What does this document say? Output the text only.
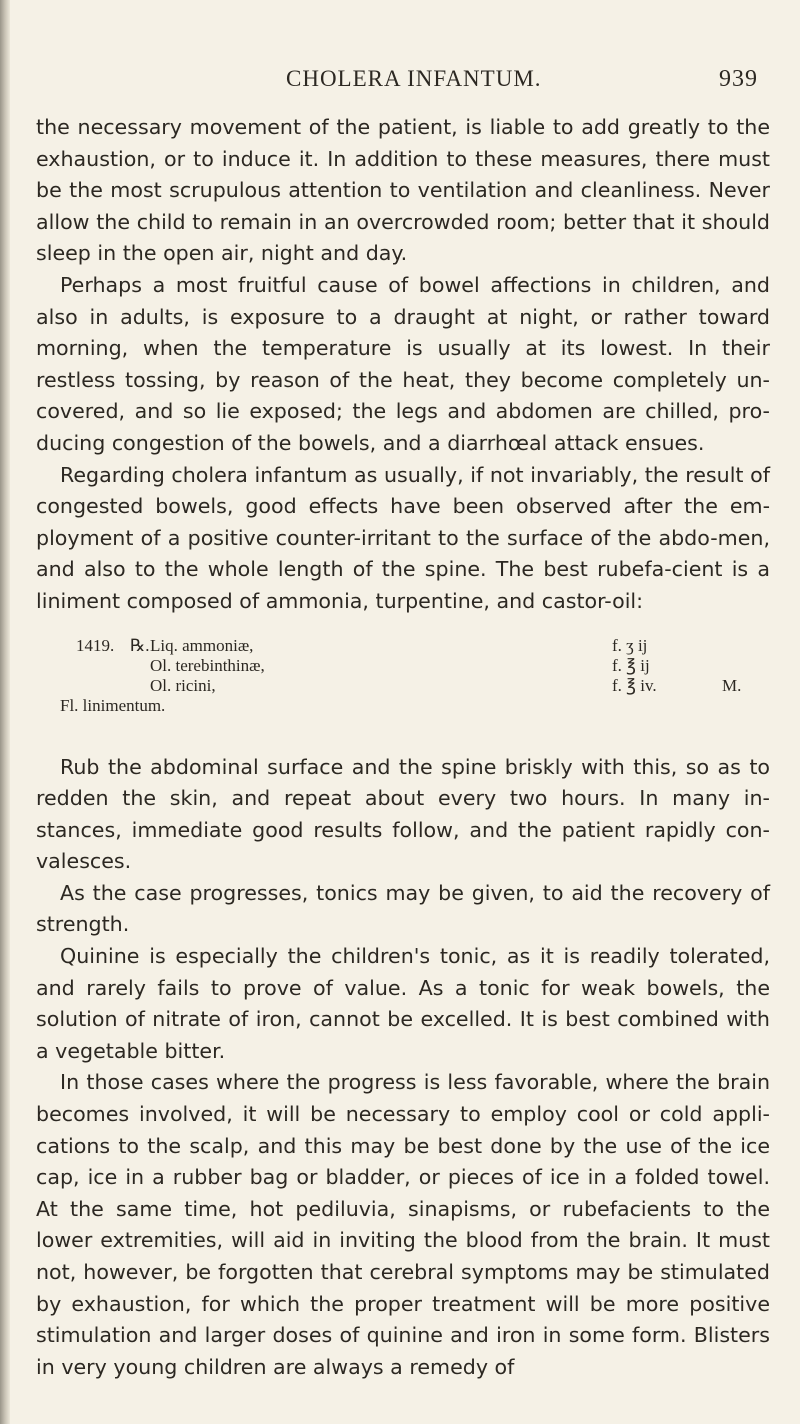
CHOLERA INFANTUM.	939

the necessary movement of the patient, is liable to add greatly to the exhaustion, or to induce it. In addition to these measures, there must be the most scrupulous attention to ventilation and cleanliness. Never allow the child to remain in an overcrowded room; better that it should sleep in the open air, night and day.

Perhaps a most fruitful cause of bowel affections in children, and also in adults, is exposure to a draught at night, or rather toward morning, when the temperature is usually at its lowest. In their restless tossing, by reason of the heat, they become completely un-covered, and so lie exposed; the legs and abdomen are chilled, pro-ducing congestion of the bowels, and a diarrhœal attack ensues.

Regarding cholera infantum as usually, if not invariably, the result of congested bowels, good effects have been observed after the em-ployment of a positive counter-irritant to the surface of the abdo-men, and also to the whole length of the spine. The best rubefa-cient is a liniment composed of ammonia, turpentine, and castor-oil:

1419. ℞. Liq. ammoniæ,	f. ʒ ij
Ol. terebinthinæ,	f. ℥ ij
Ol. ricini,	f. ℥ iv.	M.
Fl. linimentum.

Rub the abdominal surface and the spine briskly with this, so as to redden the skin, and repeat about every two hours. In many in-stances, immediate good results follow, and the patient rapidly con-valesces.

As the case progresses, tonics may be given, to aid the recovery of strength.

Quinine is especially the children's tonic, as it is readily tolerated, and rarely fails to prove of value. As a tonic for weak bowels, the solution of nitrate of iron, cannot be excelled. It is best combined with a vegetable bitter.

In those cases where the progress is less favorable, where the brain becomes involved, it will be necessary to employ cool or cold appli-cations to the scalp, and this may be best done by the use of the ice cap, ice in a rubber bag or bladder, or pieces of ice in a folded towel. At the same time, hot pediluvia, sinapisms, or rubefacients to the lower extremities, will aid in inviting the blood from the brain. It must not, however, be forgotten that cerebral symptoms may be stimulated by exhaustion, for which the proper treatment will be more positive stimulation and larger doses of quinine and iron in some form. Blisters in very young children are always a remedy of
